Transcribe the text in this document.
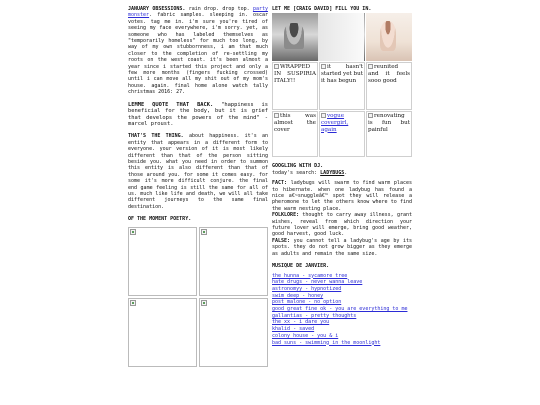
JANUARY OBSESSIONS. rain drop. drop top. party monster. fabric samples. sleeping in. oscar votes. tag me in. i'm sure you're tired of seeing my face everywhere, i'm sorry. yet, as someone who has labeled themselves as "temporarily homeless" for much too long, by way of my own stubbornness, i am that much closer to the completion of re-settling my roots on the west coast. it's been almost a year since i started this project and only a few more months (fingers fucking crossed) until i can move all my shit out of my mom's house. again. final home alone watch tally christmas 2016: 27.

LEMME QUOTE THAT BACK. "happiness is beneficial for the body, but it is grief that develops the powers of the mind" - marcel proust.

THAT'S THE THING. about happiness. it's an entity that appears in a different form to everyone. your version of it is most likely different than that of the person sitting beside you. what you need in order to summon this entity is also different than that of those around you. for some it comes easy. for some it's more difficult conjure. the final end game feeling is still the same for all of us. much like life and death, we will all take different journeys to the same final destination.

OF THE MOMENT POETRY.
LET ME [CRAIG DAVID] FILL YOU IN.
WRAPPED IN SUSPIRIA ITALY!!
it hasn't started yet but it has begun
reunited and it feels sooo good
this was almost the cover
vogue covergirl, again
renovating is fun but painful
GOOGLING WITH DJ.
today's search: LADYBUGS.

FACT: ladybugs will swarm to find warm places to hibernate. when one ladybug has found a nice a€~snuggleâ€™ spot they will release a pheromone to let the others know where to find the warm nesting place.

FOLKLORE: thought to carry away illness, grant wishes, reveal from which direction your future lover will emerge, bring good weather, good harvest, good luck.

FALSE: you cannot tell a ladybug's age by its spots. they do not grow bigger as they emerge as adults and remain the same size.

MUSIQUE DE JANVIER.
the hunna - sycamore tree
hate drugs - never wanna leave
astronomyy - hypnotized
swim deep - honey
post malone - no option
good great fine ok - you are everything to me
gallantias - pretty thoughts
the xx - i dare you
khalid - saved
colony house - you & i
bad suns - swimming in the moonlight
